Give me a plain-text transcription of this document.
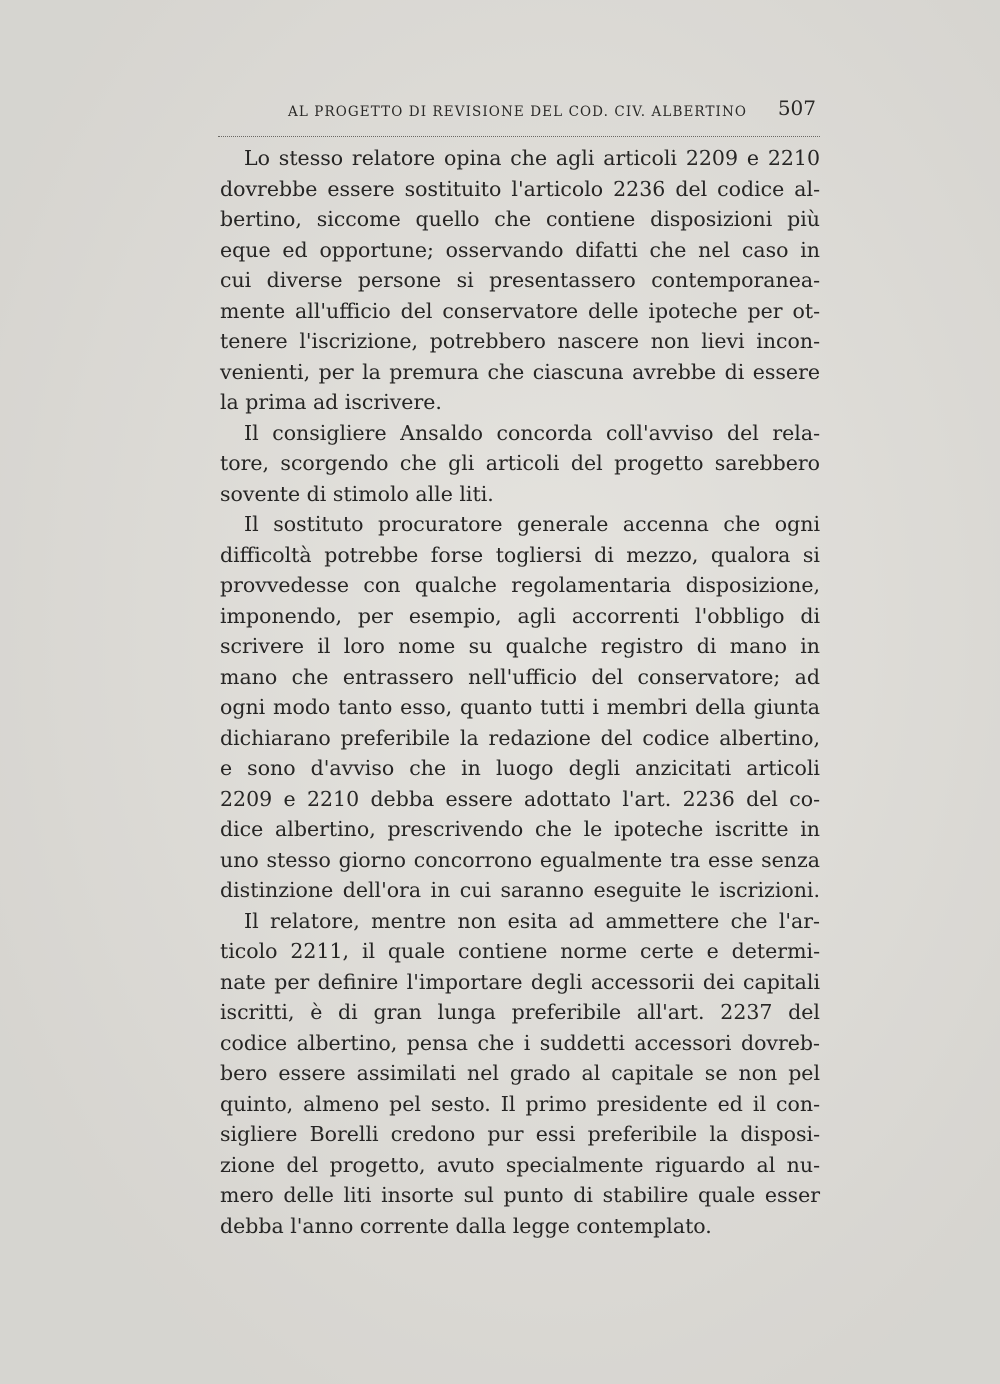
AL PROGETTO DI REVISIONE DEL COD. CIV. ALBERTINO 507
Lo stesso relatore opina che agli articoli 2209 e 2210
dovrebbe essere sostituito l'articolo 2236 del codice al-
bertino, siccome quello che contiene disposizioni più
eque ed opportune; osservando difatti che nel caso in
cui diverse persone si presentassero contemporanea-
mente all'ufficio del conservatore delle ipoteche per ot-
tenere l'iscrizione, potrebbero nascere non lievi incon-
venienti, per la premura che ciascuna avrebbe di essere
la prima ad iscrivere.
Il consigliere Ansaldo concorda coll'avviso del rela-
tore, scorgendo che gli articoli del progetto sarebbero
sovente di stimolo alle liti.
Il sostituto procuratore generale accenna che ogni
difficoltà potrebbe forse togliersi di mezzo, qualora si
provvedesse con qualche regolamentaria disposizione,
imponendo, per esempio, agli accorrenti l'obbligo di
scrivere il loro nome su qualche registro di mano in
mano che entrassero nell'ufficio del conservatore; ad
ogni modo tanto esso, quanto tutti i membri della giunta
dichiarano preferibile la redazione del codice albertino,
e sono d'avviso che in luogo degli anzicitati articoli
2209 e 2210 debba essere adottato l'art. 2236 del co-
dice albertino, prescrivendo che le ipoteche iscritte in
uno stesso giorno concorrono egualmente tra esse senza
distinzione dell'ora in cui saranno eseguite le iscrizioni.
Il relatore, mentre non esita ad ammettere che l'ar-
ticolo 2211, il quale contiene norme certe e determi-
nate per definire l'importare degli accessorii dei capitali
iscritti, è di gran lunga preferibile all'art. 2237 del
codice albertino, pensa che i suddetti accessori dovreb-
bero essere assimilati nel grado al capitale se non pel
quinto, almeno pel sesto. Il primo presidente ed il con-
sigliere Borelli credono pur essi preferibile la disposi-
zione del progetto, avuto specialmente riguardo al nu-
mero delle liti insorte sul punto di stabilire quale esser
debba l'anno corrente dalla legge contemplato.
